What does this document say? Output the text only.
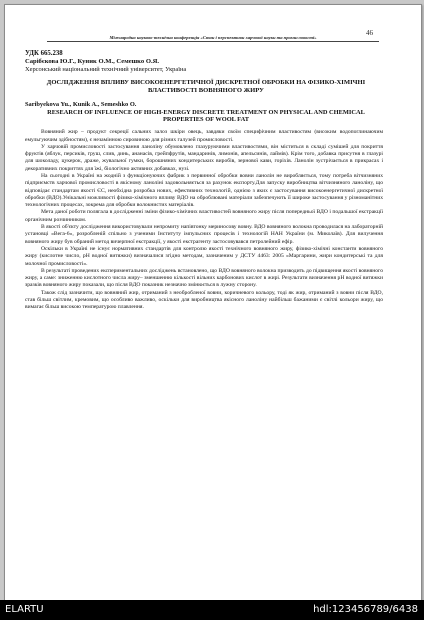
46
Міжнародна науково-технічна конференція «Стан і перспективи харчової науки та промисловості»
УДК 665.238
Сарібєкова Ю.Г., Куник О.М., Семешко О.Я.
Херсонський національний технічний університет, Україна
ДОСЛІДЖЕННЯ ВПЛИВУ ВИСОКОЕНЕРГЕТИЧНОЇ ДИСКРЕТНОЇ ОБРОБКИ НА ФІЗИКО-ХІМІЧНІ ВЛАСТИВОСТІ ВОВНЯНОГО ЖИРУ
Saribyekova Yu., Kunik A., Semeshko O.
RESEARCH OF INFLUENCE OF HIGH-ENERGY DISCRETE TREATMENT ON PHYSICAL AND CHEMICAL PROPERTIES OF WOOL FAT

Вовняний жир – продукт секреції сальних залоз шкіри овець, завдяки своїм специфічним властивостям (високим водопоглинаючим емульгуючим здібностям), є незамінною сировиною для різних галузей промисловості.

У харчовій промисловості застосування ланоліну обумовлено глазуруючими властивостями, він міститься в складі сумішей для покриття фруктів (яблук, персиків, груш, слив, динь, ананасів, грейпфрутів, мандаринів, лимонів, апельсинів, лаймів). Крім того, добавка присутня в глазурі для шоколаду, цукерок, драже, жувальної гумки, борошняних кондитерських виробів, зернової кави, горіхів. Ланолін зустрічається в прикрасах і декоративних покриттях для їжі, біологічно активних добавках, нузі.

На сьогодні в Україні на жодній з функціонуючих фабрик з первинної обробки вовни ланолін не виробляється, тому потреба вітчизняних підприємств харчової промисловості в якісному ланоліні задовольняється за рахунок експорту.Для запуску виробництва вітчизняного ланоліну, що відповідає стандартам якості ЄС, необхідна розробка нових, ефективних технологій, однією з яких є застосування високоенергетичної дискретної обробки (ВДО).Унікальні можливості фізико-хімічного впливу ВДО на оброблювані матеріали забезпечують її широке застосування у різноманітних технологічних процесах, зокрема для обробки волокнистих матеріалів.

Мета даної роботи полягала в дослідженні зміни фізико-хімічних властивостей вовняного жиру після попередньої ВДО і подальшої екстракції органічним розчинником.

В якості об'єкту дослідження використовували непромиту напівтонку мериносову вовну. ВДО вовняного волокна проводилася на лабораторній установці «Вега-6», розробленій спільно з ученими Інституту імпульсних процесів і технологій НАН України (м. Миколаїв). Для вилучення вовняного жиру був обраний метод вичерпної екстракції, у якості екстрагенту застосовувався петролейний ефір.

Оскільки в Україні не існує нормативних стандартів для контролю якості технічного вовняного жиру, фізико-хімічні константи вовняного жиру (кислотне число, рН водної витяжки) визначалися згідно методам, зазначеним у ДСТУ 4463: 2005 «Маргарини, жири кондитерські та для молочної промисловості».

В результаті проведених експериментальних досліджень встановлено, що ВДО вовняного волокна призводить до підвищення якості вовняного жиру, а саме: зниженню кислотного числа жиру– зменшенню кількості вільних карбонових кислот в жирі. Результати визначення рН водної витяжки зразків вовняного жиру показали, що після ВДО показник незначно змінюється в лужну сторону.

Також слід зазначити, що вовняний жир, отриманий з необробленої вовни, коричневого кольору, тоді як жир, отриманий з вовни після ВДО, став більш світлим, кремовим, що особливо важливо, оскільки для виробництва якісного ланоліну найбільш бажаними є світлі кольори жиру, що вимагає більш високою температурою плавлення.

ELARTU	hdl:123456789/6438
